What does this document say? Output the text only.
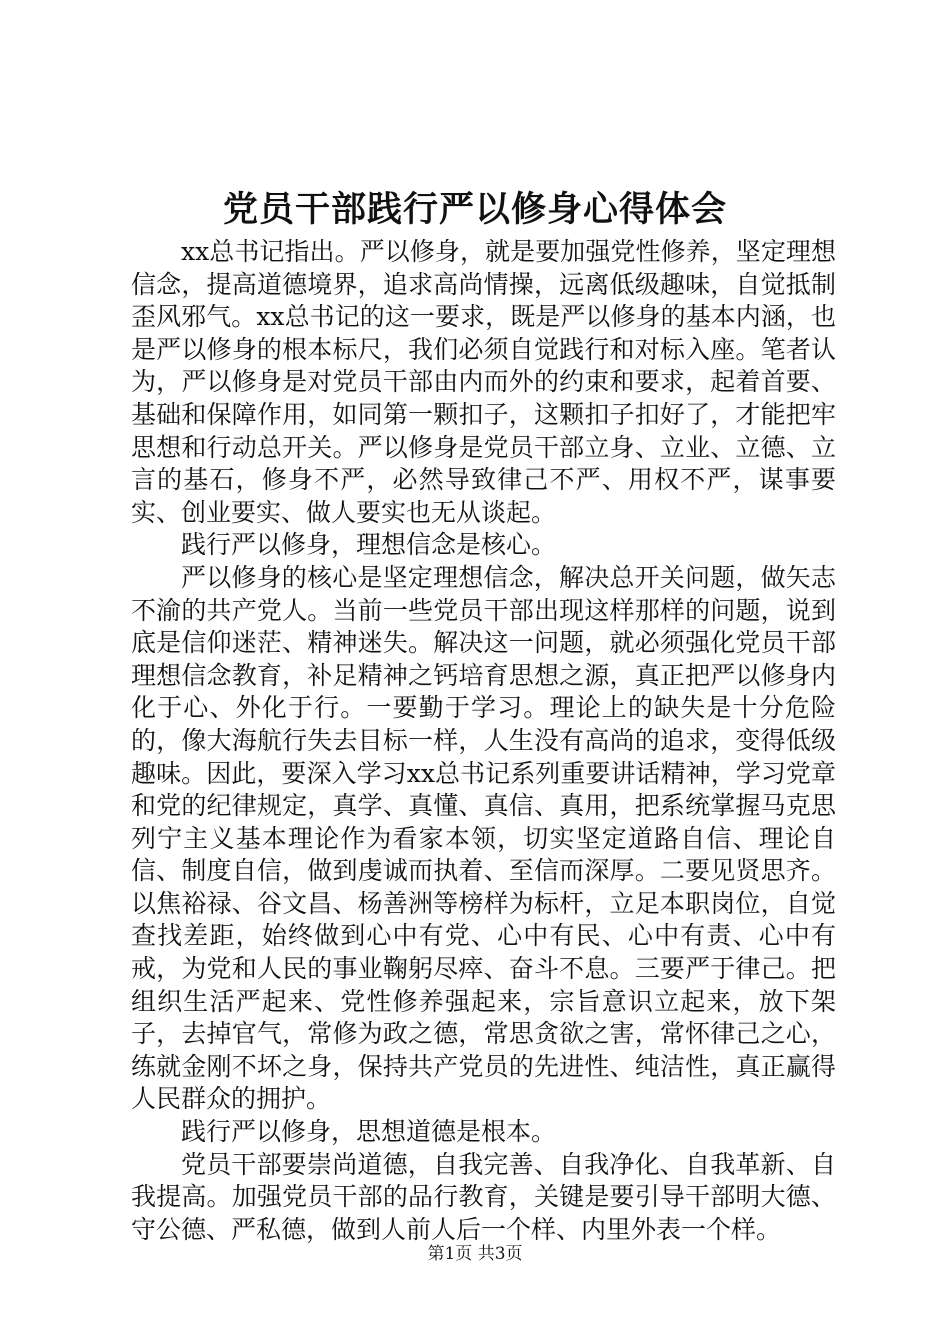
党员干部践行严以修身心得体会

xx总书记指出。严以修身，就是要加强党性修养，坚定理想信念，提高道德境界，追求高尚情操，远离低级趣味，自觉抵制歪风邪气。xx总书记的这一要求，既是严以修身的基本内涵，也是严以修身的根本标尺，我们必须自觉践行和对标入座。笔者认为，严以修身是对党员干部由内而外的约束和要求，起着首要、基础和保障作用，如同第一颗扣子，这颗扣子扣好了，才能把牢思想和行动总开关。严以修身是党员干部立身、立业、立德、立言的基石，修身不严，必然导致律己不严、用权不严，谋事要实、创业要实、做人要实也无从谈起。

践行严以修身，理想信念是核心。

严以修身的核心是坚定理想信念，解决总开关问题，做矢志不渝的共产党人。当前一些党员干部出现这样那样的问题，说到底是信仰迷茫、精神迷失。解决这一问题，就必须强化党员干部理想信念教育，补足精神之钙培育思想之源，真正把严以修身内化于心、外化于行。一要勤于学习。理论上的缺失是十分危险的，像大海航行失去目标一样，人生没有高尚的追求，变得低级趣味。因此，要深入学习xx总书记系列重要讲话精神，学习党章和党的纪律规定，真学、真懂、真信、真用，把系统掌握马克思列宁主义基本理论作为看家本领，切实坚定道路自信、理论自信、制度自信，做到虔诚而执着、至信而深厚。二要见贤思齐。以焦裕禄、谷文昌、杨善洲等榜样为标杆，立足本职岗位，自觉查找差距，始终做到心中有党、心中有民、心中有责、心中有戒，为党和人民的事业鞠躬尽瘁、奋斗不息。三要严于律己。把组织生活严起来、党性修养强起来，宗旨意识立起来，放下架子，去掉官气，常修为政之德，常思贪欲之害，常怀律己之心，练就金刚不坏之身，保持共产党员的先进性、纯洁性，真正赢得人民群众的拥护。

践行严以修身，思想道德是根本。

党员干部要崇尚道德，自我完善、自我净化、自我革新、自我提高。加强党员干部的品行教育，关键是要引导干部明大德、守公德、严私德，做到人前人后一个样、内里外表一个样。

第1页 共3页
